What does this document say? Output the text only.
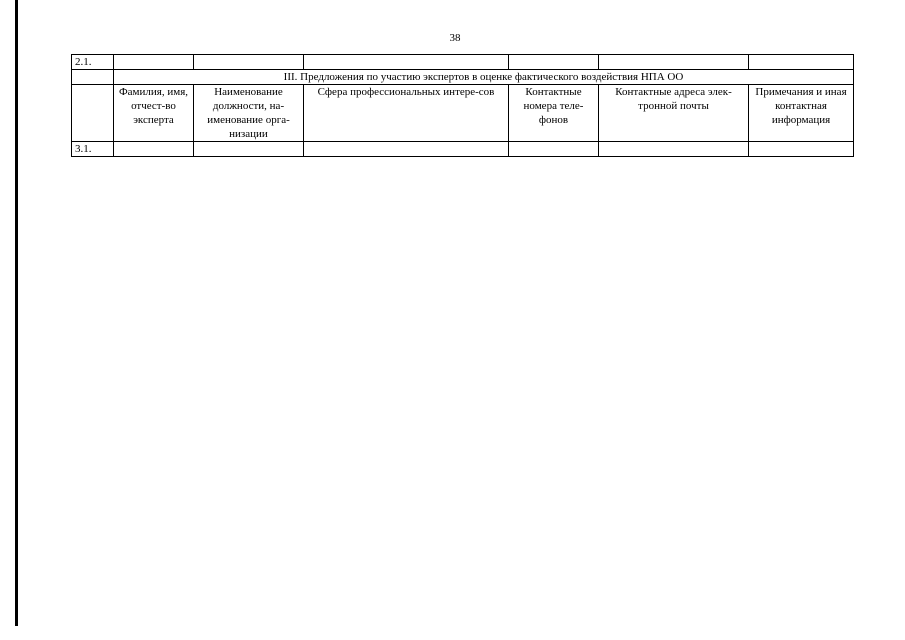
38
2.1.						
	III. Предложения по участию экспертов в оценке фактического воздействия НПА ОО					
	Фамилия, имя, отчест-во эксперта	Наименование должности, на-именование орга-низации	Сфера профессиональных интере-сов	Контактные номера теле-фонов	Контактные адреса элек-тронной почты	Примечания и иная контактная информация
3.1.						
